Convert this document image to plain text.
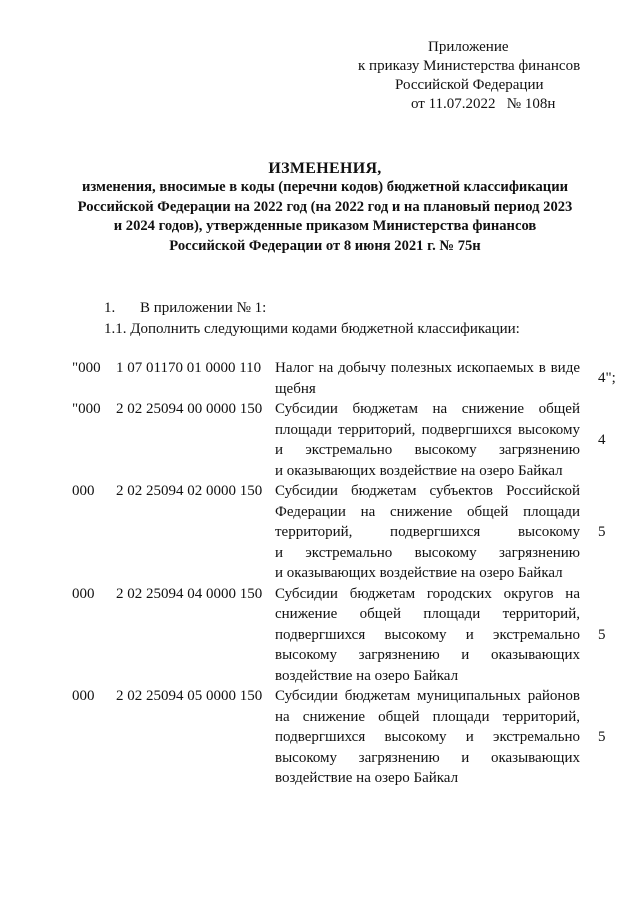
Приложение
к приказу Министерства финансов
Российской Федерации
от 11.07.2022   № 108н
ИЗМЕНЕНИЯ,
изменения, вносимые в коды (перечни кодов) бюджетной классификации
Российской Федерации на 2022 год (на 2022 год и на плановый период 2023
и 2024 годов), утвержденные приказом Министерства финансов
Российской Федерации от 8 июня 2021 г. № 75н
1. В приложении № 1:
1.1. Дополнить следующими кодами бюджетной классификации:
"000 1 07 01170 01 0000 110 Налог на добычу полезных ископаемых в виде
щебня
4";
"000 2 02 25094 00 0000 150 Субсидии бюджетам на снижение общей
площади территорий, подвергшихся высокому
и экстремально высокому загрязнению
и оказывающих воздействие на озеро Байкал
4
000 2 02 25094 02 0000 150 Субсидии бюджетам субъектов Российской
Федерации на снижение общей площади
территорий, подвергшихся высокому
и экстремально высокому загрязнению
и оказывающих воздействие на озеро Байкал
5
000 2 02 25094 04 0000 150 Субсидии бюджетам городских округов на
снижение общей площади территорий,
подвергшихся высокому и экстремально
высокому загрязнению и оказывающих
воздействие на озеро Байкал
5
000 2 02 25094 05 0000 150 Субсидии бюджетам муниципальных районов
на снижение общей площади территорий,
подвергшихся высокому и экстремально
высокому загрязнению и оказывающих
воздействие на озеро Байкал
5
